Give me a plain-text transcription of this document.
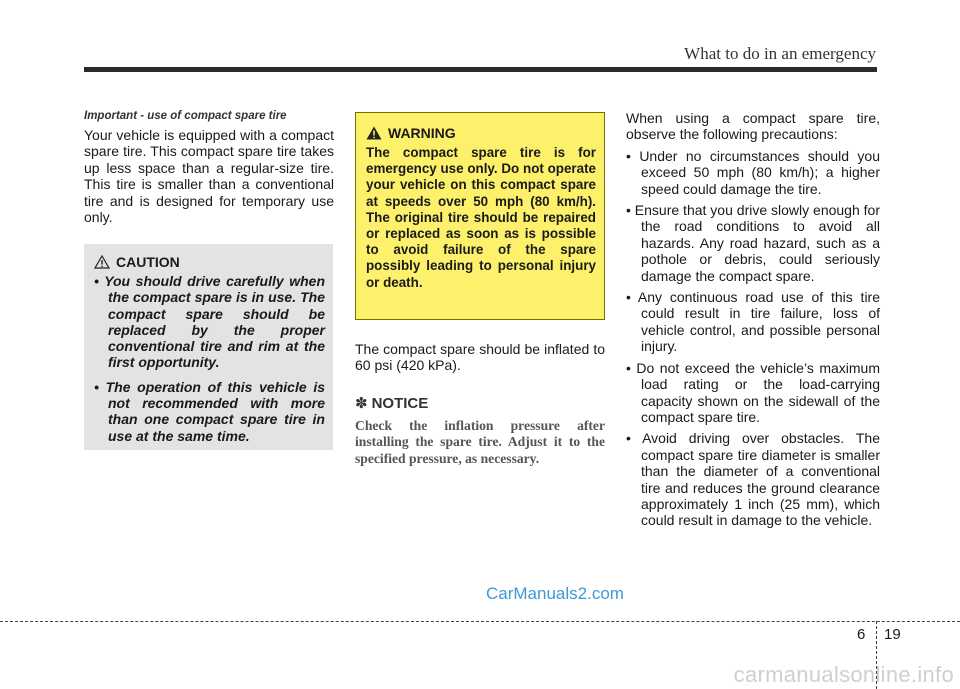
What to do in an emergency

Important - use of compact spare tire

Your vehicle is equipped with a compact spare tire. This compact spare tire takes up less space than a regular-size tire. This tire is smaller than a conventional tire and is designed for temporary use only.

CAUTION
• You should drive carefully when the compact spare is in use. The compact spare should be replaced by the proper conventional tire and rim at the first opportunity.
• The operation of this vehicle is not recommended with more than one compact spare tire in use at the same time.
WARNING

The compact spare tire is for emergency use only. Do not operate your vehicle on this compact spare at speeds over 50 mph (80 km/h). The original tire should be repaired or replaced as soon as is possible to avoid failure of the spare possibly leading to personal injury or death.

The compact spare should be inflated to 60 psi (420 kPa).

✽ NOTICE

Check the inflation pressure after installing the spare tire. Adjust it to the specified pressure, as necessary.

When using a compact spare tire, observe the following precautions:

• Under no circumstances should you exceed 50 mph (80 km/h); a higher speed could damage the tire.
• Ensure that you drive slowly enough for the road conditions to avoid all hazards. Any road hazard, such as a pothole or debris, could seriously damage the compact spare.
• Any continuous road use of this tire could result in tire failure, loss of vehicle control, and possible personal injury.
• Do not exceed the vehicle’s maximum load rating or the load-carrying capacity shown on the sidewall of the compact spare tire.
• Avoid driving over obstacles. The compact spare tire diameter is smaller than the diameter of a conventional tire and reduces the ground clearance approximately 1 inch (25 mm), which could result in damage to the vehicle.
CarManuals2.com
6 19
carmanualsonline.info
